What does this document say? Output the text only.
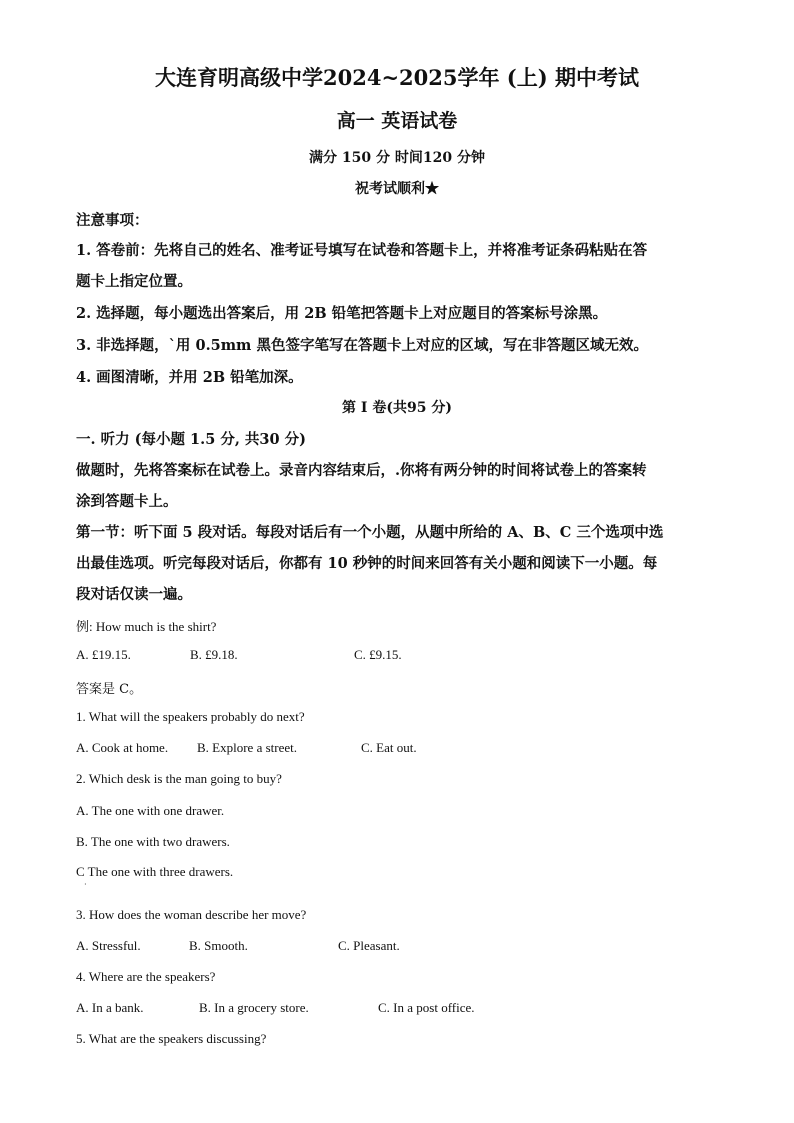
大连育明高级中学2024~2025学年 (上) 期中考试
高一 英语试卷
满分 150 分 时间120 分钟
祝考试顺利★
注意事项：
1. 答卷前：先将自己的姓名、准考证号填写在试卷和答题卡上，并将准考证条码粘贴在答
题卡上指定位置。
2. 选择题，每小题选出答案后，用 2B 铅笔把答题卡上对应题目的答案标号涂黑。
3. 非选择题，`用 0.5mm 黑色签字笔写在答题卡上对应的区域，写在非答题区域无效。
4. 画图清晰，并用 2B 铅笔加深。
第 I 卷(共95 分)
一. 听力 (每小题 1.5 分, 共30 分)
做题时，先将答案标在试卷上。录音内容结束后，.你将有两分钟的时间将试卷上的答案转
涂到答题卡上。
第一节：听下面 5 段对话。每段对话后有一个小题，从题中所给的 A、B、C 三个选项中选
出最佳选项。听完每段对话后，你都有 10 秒钟的时间来回答有关小题和阅读下一小题。每
段对话仅读一遍。
例: How much is the shirt?
A. £19.15.	B. £9.18.	C. £9.15.
答案是 C。
1. What will the speakers probably do next?
A. Cook at home. B. Explore a street.	C. Eat out.
2. Which desk is the man going to buy?
A. The one with one drawer.
B. The one with two drawers.
C The one with three drawers.
·
3. How does the woman describe her move?
A. Stressful.	B. Smooth.	C. Pleasant.
4. Where are the speakers?
A. In a bank.	B. In a grocery store.	C. In a post office.
5. What are the speakers discussing?
